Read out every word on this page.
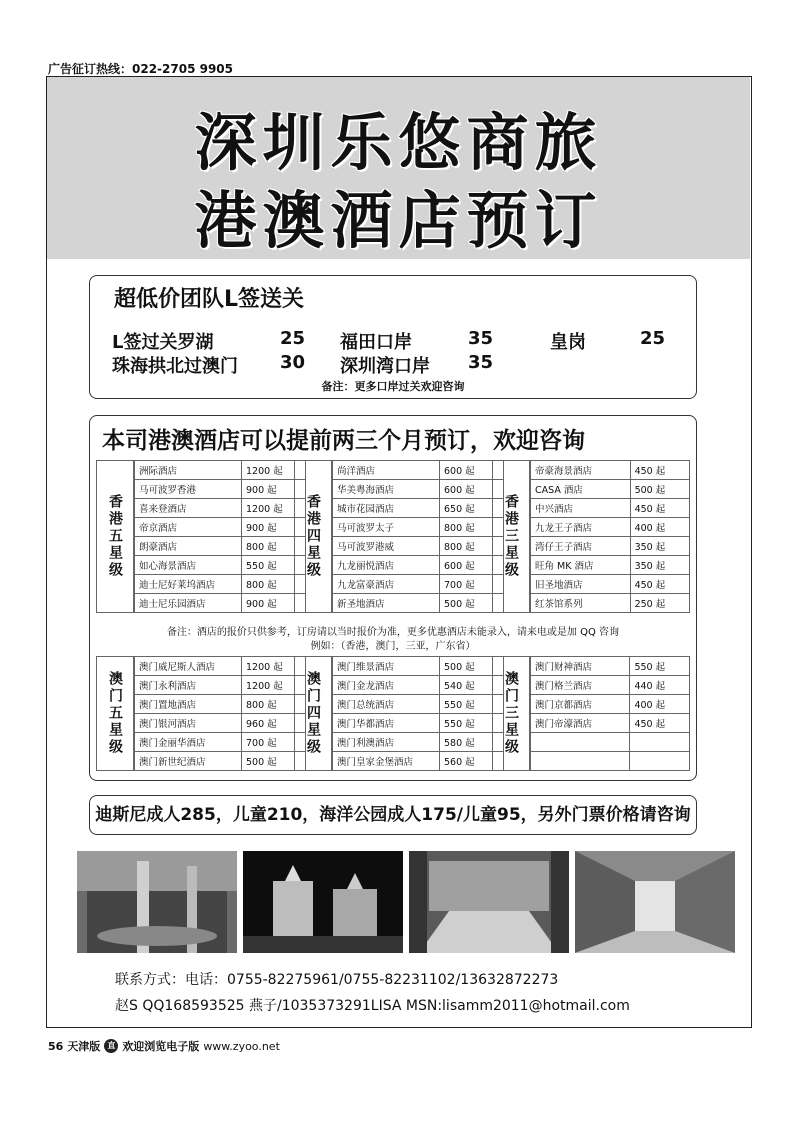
广告征订热线：022-2705 9905
深圳乐悠商旅
港澳酒店预订
超低价团队L签送关
L签过关罗湖	25 福田口岸	35	皇岗	25
珠海拱北过澳门 30 深圳湾口岸 35
备注：更多口岸过关欢迎咨询
本司港澳酒店可以提前两三个月预订，欢迎咨询
香港五星级
洲际酒店	1200 起
马可波罗香港	900 起
喜来登酒店	1200 起
帝京酒店	900 起
朗豪酒店	800 起
如心海景酒店	550 起
迪士尼好莱坞酒店	800 起
迪士尼乐园酒店	900 起
香港四星级
尚洋酒店	600 起
华美粤海酒店	600 起
城市花园酒店	650 起
马可波罗太子	800 起
马可波罗港威	800 起
九龙丽悦酒店	600 起
九龙富豪酒店	700 起
新圣地酒店	500 起
香港三星级
帝豪海景酒店	450 起
CASA 酒店	500 起
中兴酒店	450 起
九龙王子酒店	400 起
湾仔王子酒店	350 起
旺角 MK 酒店	350 起
旧圣地酒店	450 起
红茶馆系列	250 起
备注：酒店的报价只供参考，订房请以当时报价为准，更多优惠酒店未能录入，请来电或是加 QQ 咨询
例如：（香港，澳门，三亚，广东省）
澳门五星级
澳门威尼斯人酒店	1200 起
澳门永利酒店	1200 起
澳门置地酒店	800 起
澳门银河酒店	960 起
澳门金丽华酒店	700 起
澳门新世纪酒店	500 起
澳门四星级
澳门维景酒店	500 起
澳门金龙酒店	540 起
澳门总统酒店	550 起
澳门华都酒店	550 起
澳门利澳酒店	580 起
澳门皇家金堡酒店	560 起
澳门三星级
澳门财神酒店	550 起
澳门格兰酒店	440 起
澳门京都酒店	400 起
澳门帝濠酒店	450 起

迪斯尼成人285，儿童210，海洋公园成人175/儿童95，另外门票价格请咨询
联系方式：电话：0755-82275961/0755-82231102/13632872273
赵S QQ168593525 燕子/1035373291LISA MSN:lisamm2011@hotmail.com
56 天津版 直 欢迎浏览电子版 www.zyoo.net
